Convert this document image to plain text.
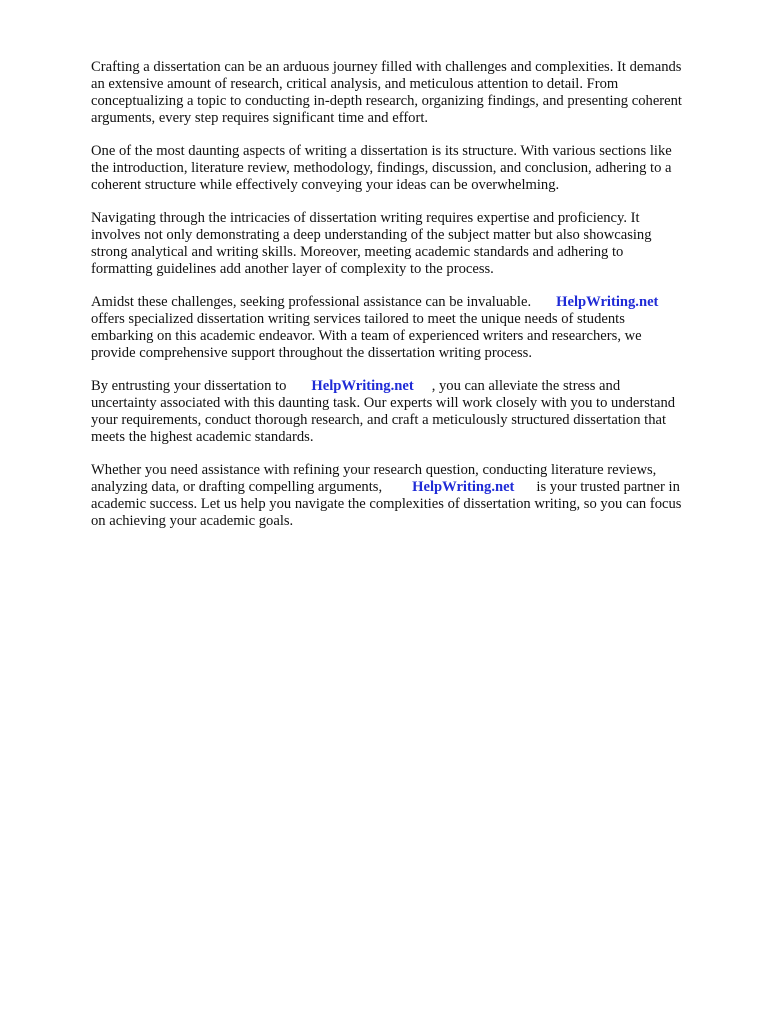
Crafting a dissertation can be an arduous journey filled with challenges and complexities. It demands
an extensive amount of research, critical analysis, and meticulous attention to detail. From
conceptualizing a topic to conducting in-depth research, organizing findings, and presenting coherent
arguments, every step requires significant time and effort.

One of the most daunting aspects of writing a dissertation is its structure. With various sections like
the introduction, literature review, methodology, findings, discussion, and conclusion, adhering to a
coherent structure while effectively conveying your ideas can be overwhelming.

Navigating through the intricacies of dissertation writing requires expertise and proficiency. It
involves not only demonstrating a deep understanding of the subject matter but also showcasing
strong analytical and writing skills. Moreover, meeting academic standards and adhering to
formatting guidelines add another layer of complexity to the process.

Amidst these challenges, seeking professional assistance can be invaluable. HelpWriting.net
offers specialized dissertation writing services tailored to meet the unique needs of students
embarking on this academic endeavor. With a team of experienced writers and researchers, we
provide comprehensive support throughout the dissertation writing process.

By entrusting your dissertation to HelpWriting.net , you can alleviate the stress and
uncertainty associated with this daunting task. Our experts will work closely with you to understand
your requirements, conduct thorough research, and craft a meticulously structured dissertation that
meets the highest academic standards.

Whether you need assistance with refining your research question, conducting literature reviews,
analyzing data, or drafting compelling arguments, HelpWriting.net is your trusted partner in
academic success. Let us help you navigate the complexities of dissertation writing, so you can focus
on achieving your academic goals.
